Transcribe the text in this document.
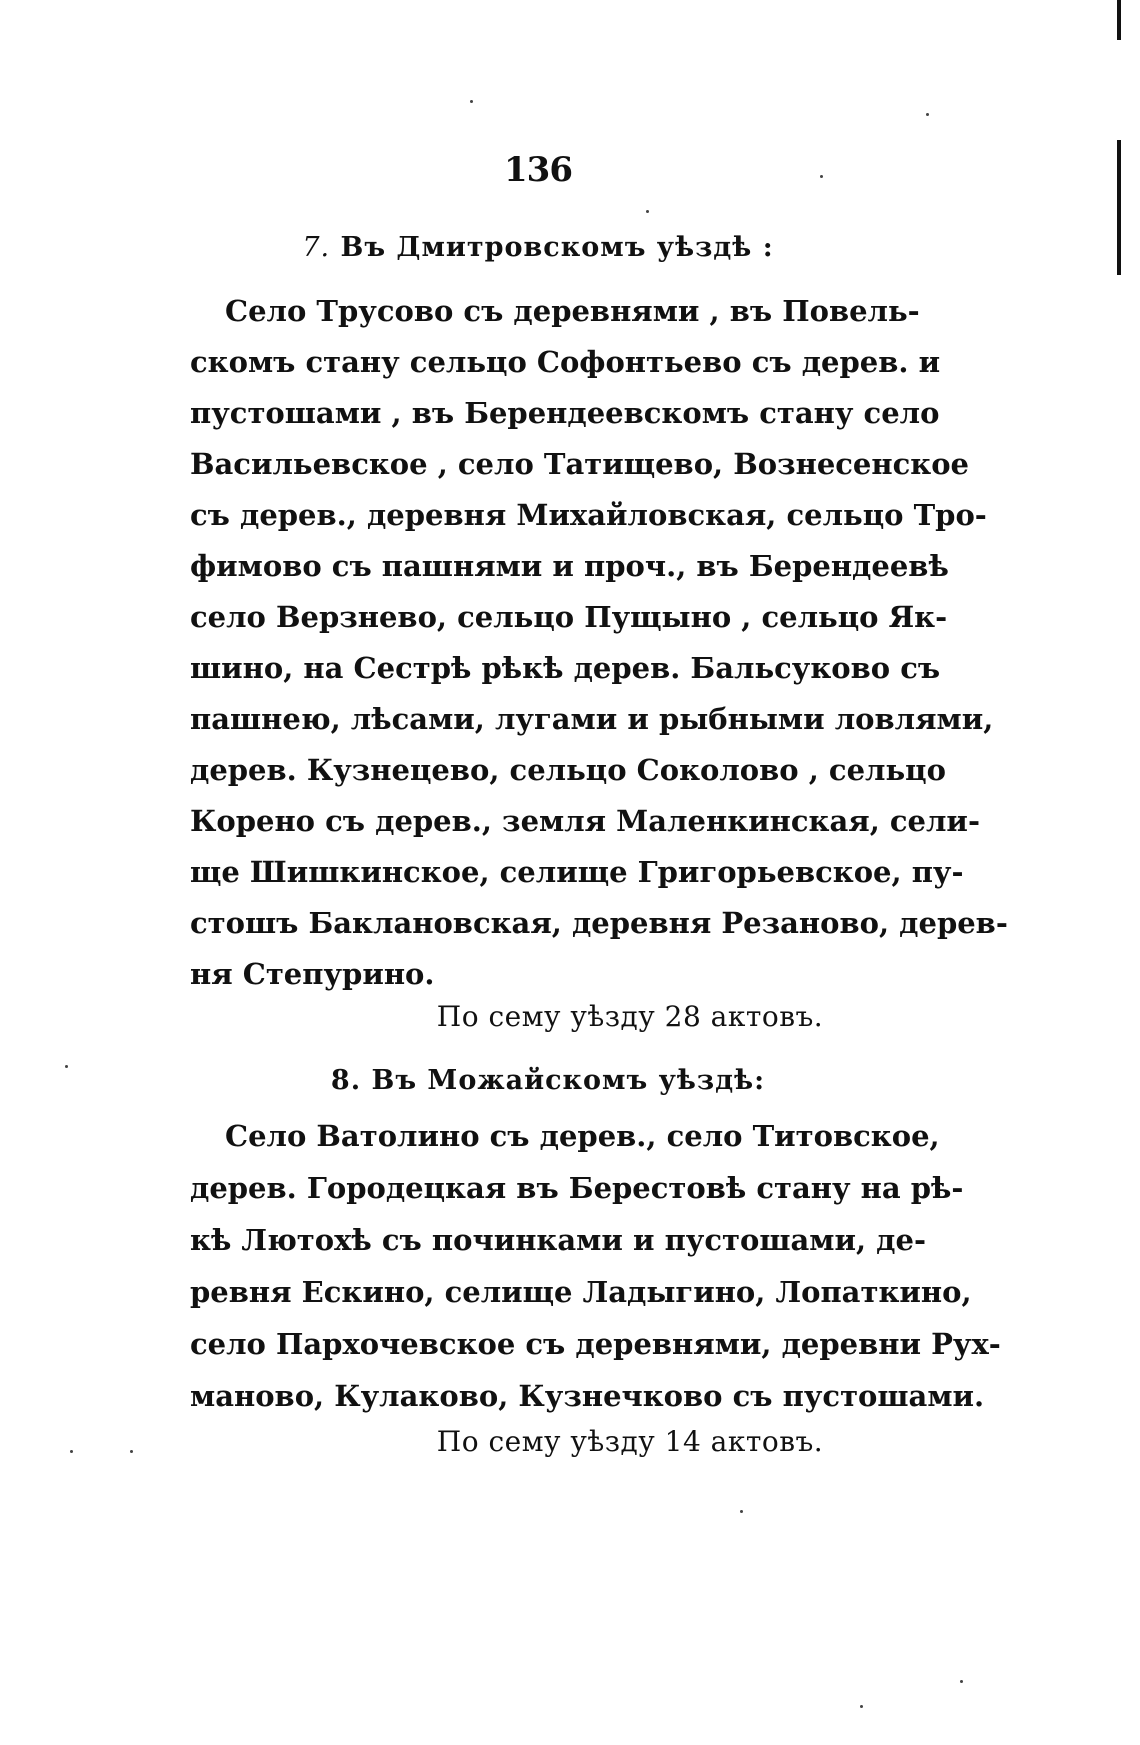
136
7. Въ Дмитровскомъ уѣздѣ :
Село Трусово съ деревнями , въ Повель-
скомъ стану сельцо Софонтьево съ дерев. и
пустошами , въ Берендеевскомъ стану село
Васильевское , село Татищево, Вознесенское
съ дерев., деревня Михайловская, сельцо Тро-
фимово съ пашнями и проч., въ Берендеевѣ
село Верзнево, сельцо Пущыно , сельцо Як-
шино, на Сестрѣ рѣкѣ дерев. Бальсуково съ
пашнею, лѣсами, лугами и рыбными ловлями,
дерев. Кузнецево, сельцо Соколово , сельцо
Корено съ дерев., земля Маленкинская, сели-
ще Шишкинское, селище Григорьевское, пу-
стошъ Баклановская, деревня Резаново, дерев-
ня Степурино.
По сему уѣзду 28 актовъ.
8. Въ Можайскомъ уѣздѣ:
Село Ватолино съ дерев., село Титовское,
дерев. Городецкая въ Берестовѣ стану на рѣ-
кѣ Лютохѣ съ починками и пустошами, де-
ревня Ескино, селище Ладыгино, Лопаткино,
село Пархочевское съ деревнями, деревни Рух-
маново, Кулаково, Кузнечково съ пустошами.
По сему уѣзду 14 актовъ.
